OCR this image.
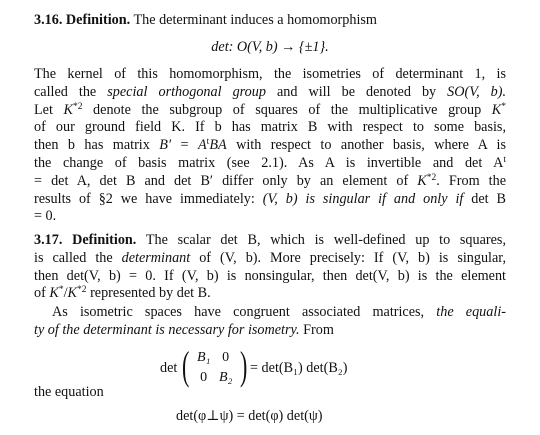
3.16. Definition. The determinant induces a homomorphism
det: O(V, b) → {±1}.
The kernel of this homomorphism, the isometries of determinant 1, is
called the special orthogonal group and will be denoted by SO(V, b).
Let $K^{*2}$ denote the subgroup of squares of the multiplicative group K*
of our ground field K. If b has matrix B with respect to some basis,
then b has matrix $B' = A^tBA$ with respect to another basis, where A is
the change of basis matrix (see 2.1). As A is invertible and $\det A^t$
= det A, det B and det B′ differ only by an element of $K^{*2}$. From the
results of §2 we have immediately: (V, b) is singular if and only if det B
= 0.
3.17. Definition. The scalar det B, which is well-defined up to squares,
is called the determinant of (V, b). More precisely: If (V, b) is singular,
then det(V, b) = 0. If (V, b) is nonsingular, then det(V, b) is the element
of $K^*/K^{*2}$ represented by det B.
As isometric spaces have congruent associated matrices, the equali-
ty of the determinant is necessary for isometry. From
det ( B₁ 0
0 B₂ ) = det(B₁) det(B₂)
the equation
det(φ⊥ψ) = det(φ) det(ψ)
